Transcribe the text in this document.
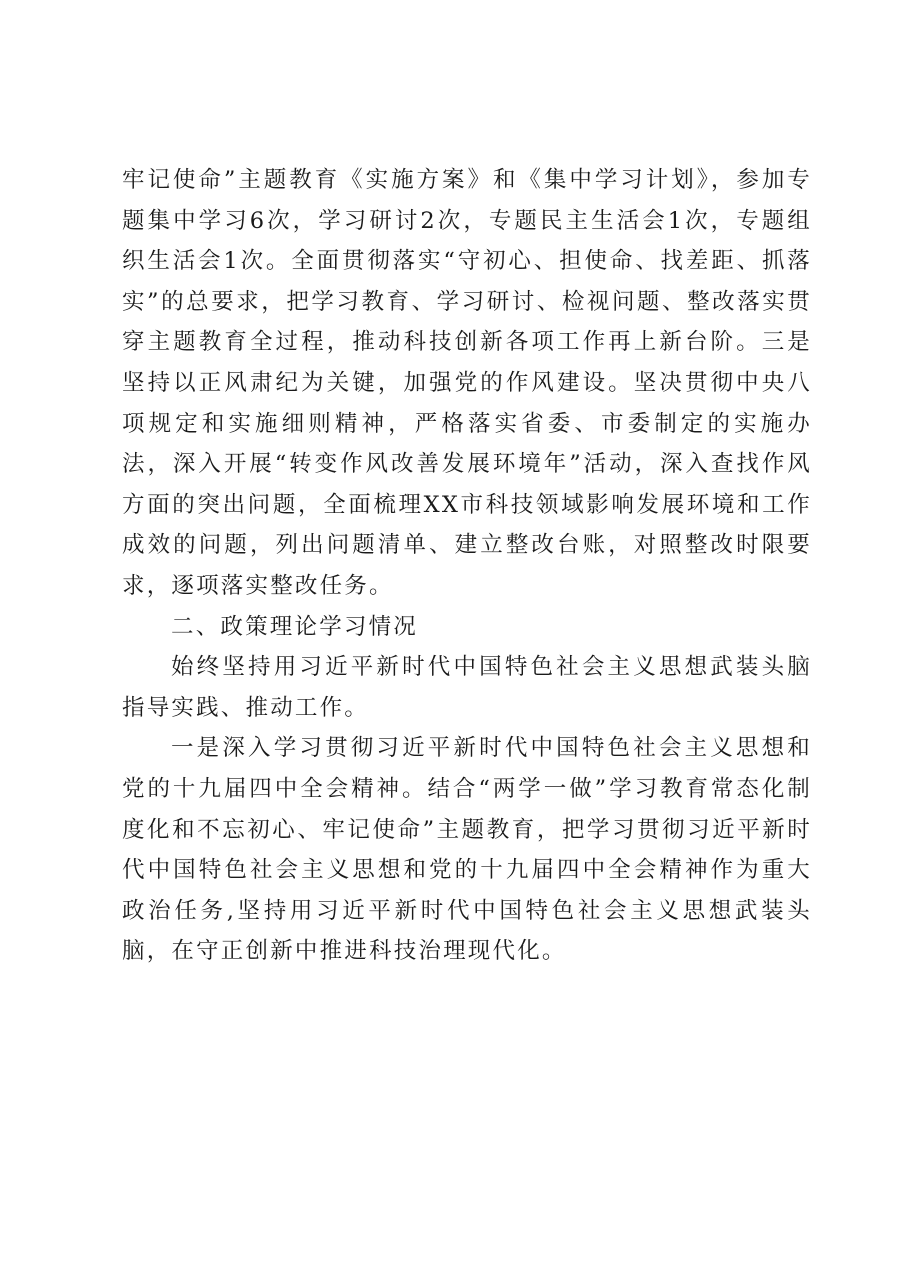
牢记使命”主题教育《实施方案》和《集中学习计划》，参加专题集中学习6次，学习研讨2次，专题民主生活会1次，专题组织生活会1次。全面贯彻落实“守初心、担使命、找差距、抓落实”的总要求，把学习教育、学习研讨、检视问题、整改落实贯穿主题教育全过程，推动科技创新各项工作再上新台阶。三是坚持以正风肃纪为关键，加强党的作风建设。坚决贯彻中央八项规定和实施细则精神，严格落实省委、市委制定的实施办法，深入开展“转变作风改善发展环境年”活动，深入查找作风方面的突出问题，全面梳理XX市科技领域影响发展环境和工作成效的问题，列出问题清单、建立整改台账，对照整改时限要求，逐项落实整改任务。

二、政策理论学习情况

始终坚持用习近平新时代中国特色社会主义思想武装头脑指导实践、推动工作。

一是深入学习贯彻习近平新时代中国特色社会主义思想和党的十九届四中全会精神。结合“两学一做”学习教育常态化制度化和不忘初心、牢记使命”主题教育，把学习贯彻习近平新时代中国特色社会主义思想和党的十九届四中全会精神作为重大政治任务,坚持用习近平新时代中国特色社会主义思想武装头脑，在守正创新中推进科技治理现代化。
